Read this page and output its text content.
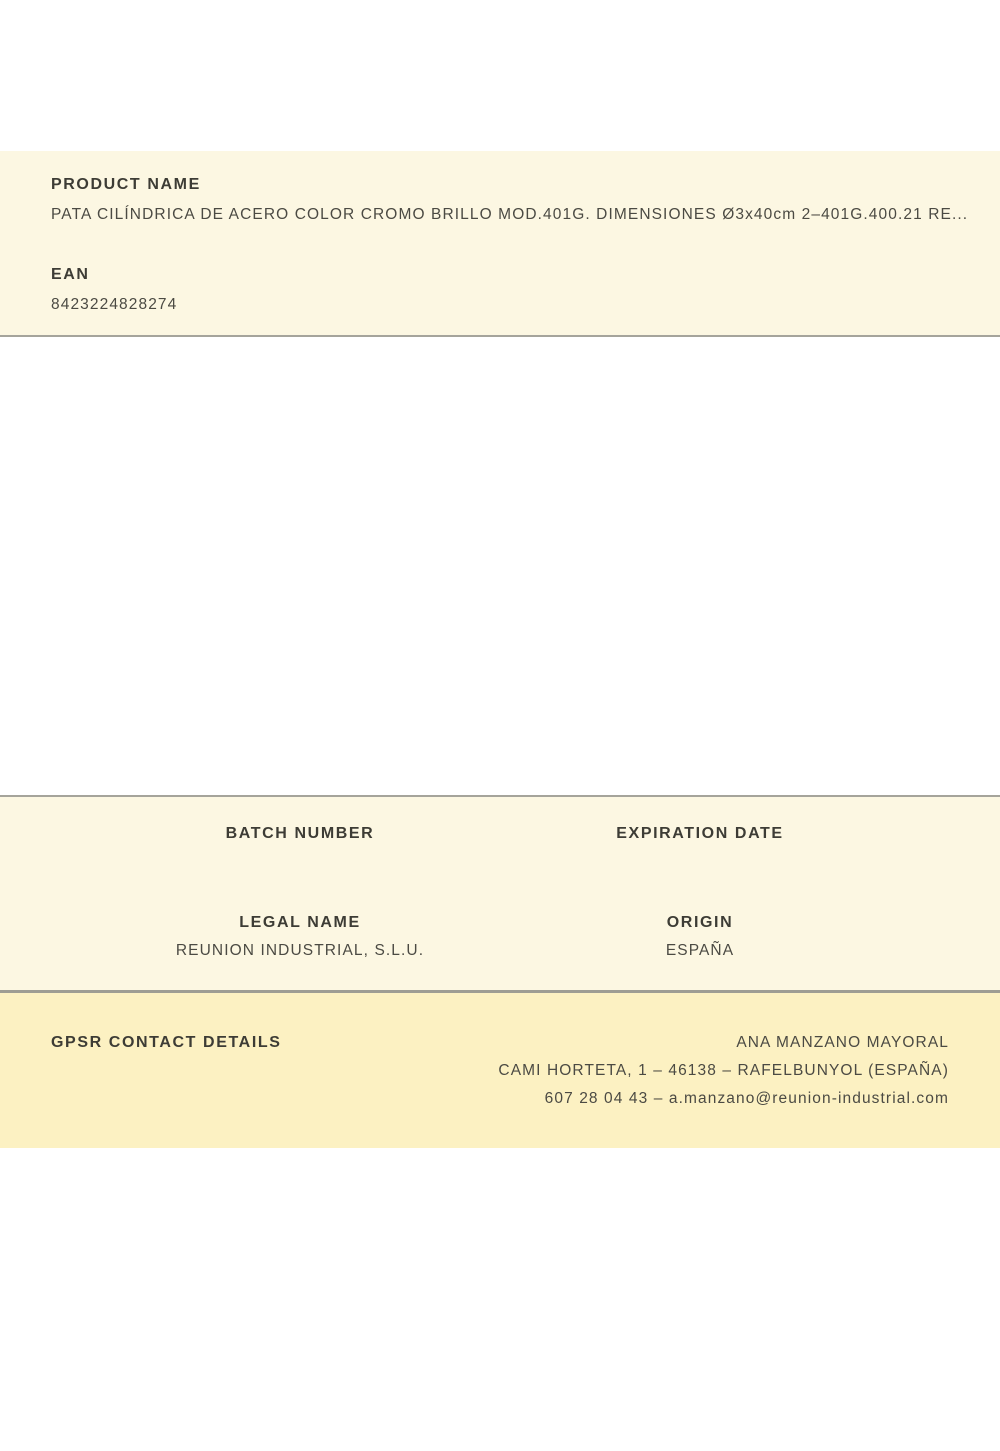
PRODUCT NAME
PATA CILÍNDRICA DE ACERO COLOR CROMO BRILLO MOD.401G. DIMENSIONES Ø3x40cm 2–401G.400.21 RE...
EAN
8423224828274
BATCH NUMBER	EXPIRATION DATE
LEGAL NAME
REUNION INDUSTRIAL, S.L.U.
ORIGIN
ESPAÑA
GPSR CONTACT DETAILS	ANA MANZANO MAYORAL
CAMI HORTETA, 1 – 46138 – RAFELBUNYOL (ESPAÑA)
607 28 04 43 – a.manzano@reunion-industrial.com
